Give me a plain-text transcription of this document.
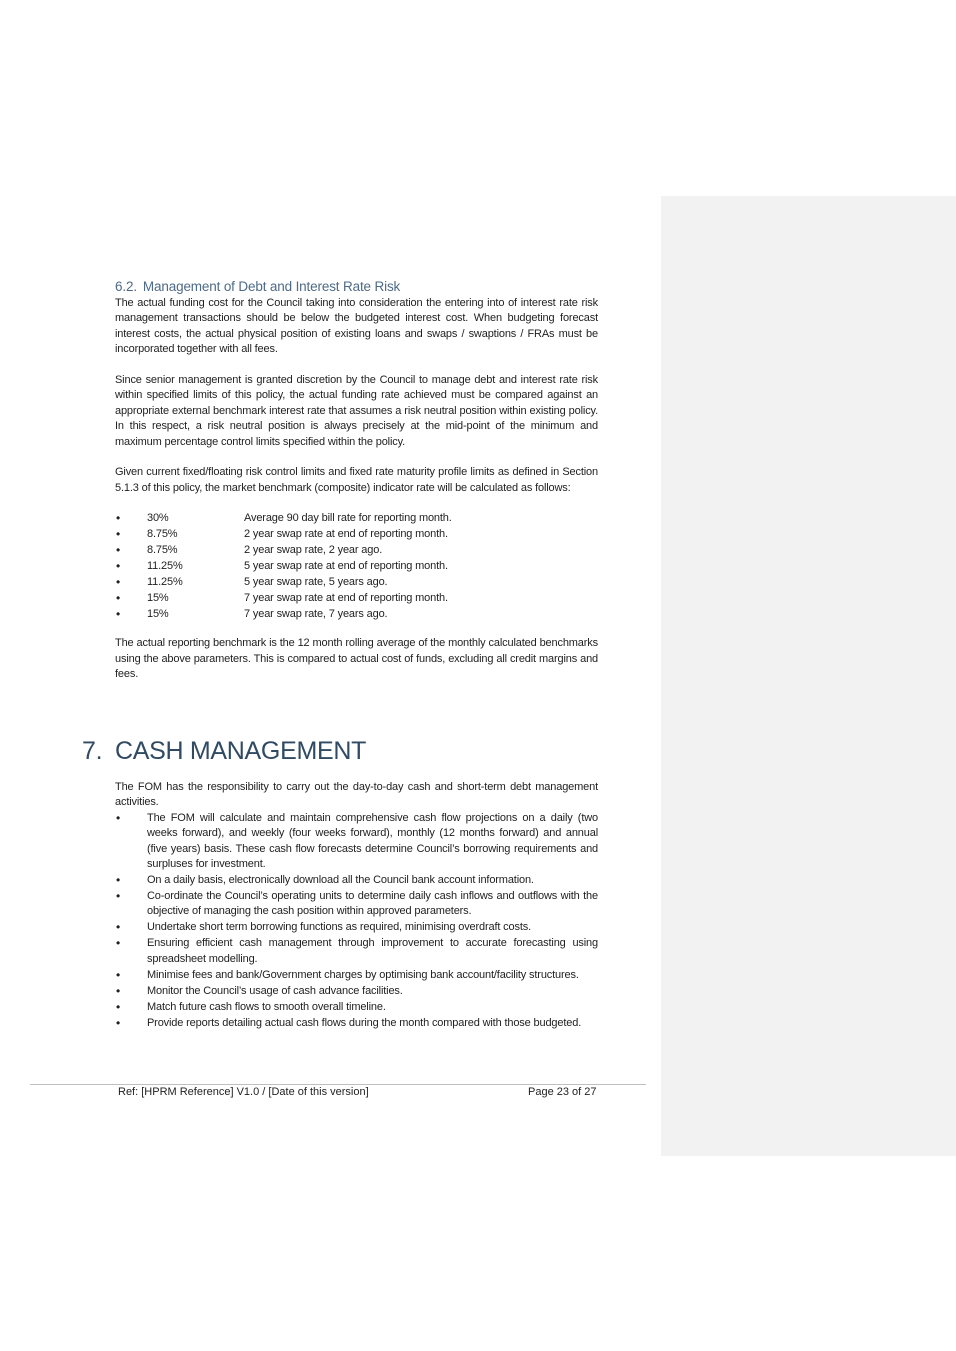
6.2. Management of Debt and Interest Rate Risk

The actual funding cost for the Council taking into consideration the entering into of interest rate risk management transactions should be below the budgeted interest cost. When budgeting forecast interest costs, the actual physical position of existing loans and swaps / swaptions / FRAs must be incorporated together with all fees.

Since senior management is granted discretion by the Council to manage debt and interest rate risk within specified limits of this policy, the actual funding rate achieved must be compared against an appropriate external benchmark interest rate that assumes a risk neutral position within existing policy. In this respect, a risk neutral position is always precisely at the mid-point of the minimum and maximum percentage control limits specified within the policy.

Given current fixed/floating risk control limits and fixed rate maturity profile limits as defined in Section 5.1.3 of this policy, the market benchmark (composite) indicator rate will be calculated as follows:

• 30%	Average 90 day bill rate for reporting month.
• 8.75%	2 year swap rate at end of reporting month.
• 8.75%	2 year swap rate, 2 year ago.
• 11.25%	5 year swap rate at end of reporting month.
• 11.25%	5 year swap rate, 5 years ago.
• 15%	7 year swap rate at end of reporting month.
• 15%	7 year swap rate, 7 years ago.

The actual reporting benchmark is the 12 month rolling average of the monthly calculated benchmarks using the above parameters. This is compared to actual cost of funds, excluding all credit margins and fees.

7. CASH MANAGEMENT

The FOM has the responsibility to carry out the day-to-day cash and short-term debt management activities.

• The FOM will calculate and maintain comprehensive cash flow projections on a daily (two weeks forward), and weekly (four weeks forward), monthly (12 months forward) and annual (five years) basis. These cash flow forecasts determine Council’s borrowing requirements and surpluses for investment.
• On a daily basis, electronically download all the Council bank account information.
• Co-ordinate the Council’s operating units to determine daily cash inflows and outflows with the objective of managing the cash position within approved parameters.
• Undertake short term borrowing functions as required, minimising overdraft costs.
• Ensuring efficient cash management through improvement to accurate forecasting using spreadsheet modelling.
• Minimise fees and bank/Government charges by optimising bank account/facility structures.
• Monitor the Council’s usage of cash advance facilities.
• Match future cash flows to smooth overall timeline.
• Provide reports detailing actual cash flows during the month compared with those budgeted.
Ref: [HPRM Reference] V1.0 / [Date of this version]	Page 23 of 27
